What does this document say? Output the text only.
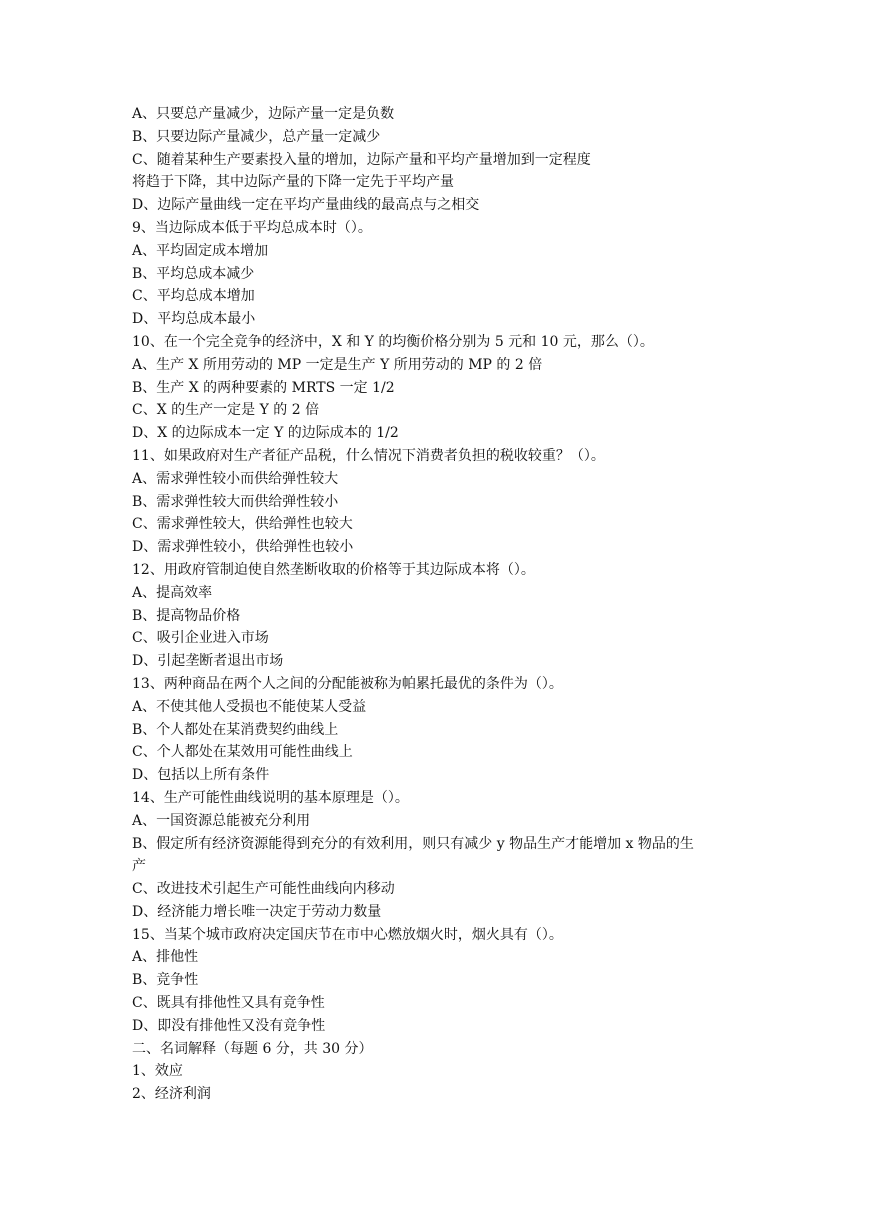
A、只要总产量减少，边际产量一定是负数
B、只要边际产量减少，总产量一定减少
C、随着某种生产要素投入量的增加，边际产量和平均产量增加到一定程度
将趋于下降，其中边际产量的下降一定先于平均产量
D、边际产量曲线一定在平均产量曲线的最高点与之相交
9、当边际成本低于平均总成本时（）。
A、平均固定成本增加
B、平均总成本减少
C、平均总成本增加
D、平均总成本最小
10、在一个完全竞争的经济中，X 和 Y 的均衡价格分别为 5 元和 10 元，那么（）。
A、生产 X 所用劳动的 MP 一定是生产 Y 所用劳动的 MP 的 2 倍
B、生产 X 的两种要素的 MRTS 一定 1/2
C、X 的生产一定是 Y 的 2 倍
D、X 的边际成本一定 Y 的边际成本的 1/2
11、如果政府对生产者征产品税，什么情况下消费者负担的税收较重？（）。
A、需求弹性较小而供给弹性较大
B、需求弹性较大而供给弹性较小
C、需求弹性较大，供给弹性也较大
D、需求弹性较小，供给弹性也较小
12、用政府管制迫使自然垄断收取的价格等于其边际成本将（）。
A、提高效率
B、提高物品价格
C、吸引企业进入市场
D、引起垄断者退出市场
13、两种商品在两个人之间的分配能被称为帕累托最优的条件为（）。
A、不使其他人受损也不能使某人受益
B、个人都处在某消费契约曲线上
C、个人都处在某效用可能性曲线上
D、包括以上所有条件
14、生产可能性曲线说明的基本原理是（）。
A、一国资源总能被充分利用
B、假定所有经济资源能得到充分的有效利用，则只有减少 y 物品生产才能增加 x 物品的生
产
C、改进技术引起生产可能性曲线向内移动
D、经济能力增长唯一决定于劳动力数量
15、当某个城市政府决定国庆节在市中心燃放烟火时，烟火具有（）。
A、排他性
B、竞争性
C、既具有排他性又具有竞争性
D、即没有排他性又没有竞争性
二、名词解释（每题 6 分，共 30 分）
1、效应
2、经济利润
